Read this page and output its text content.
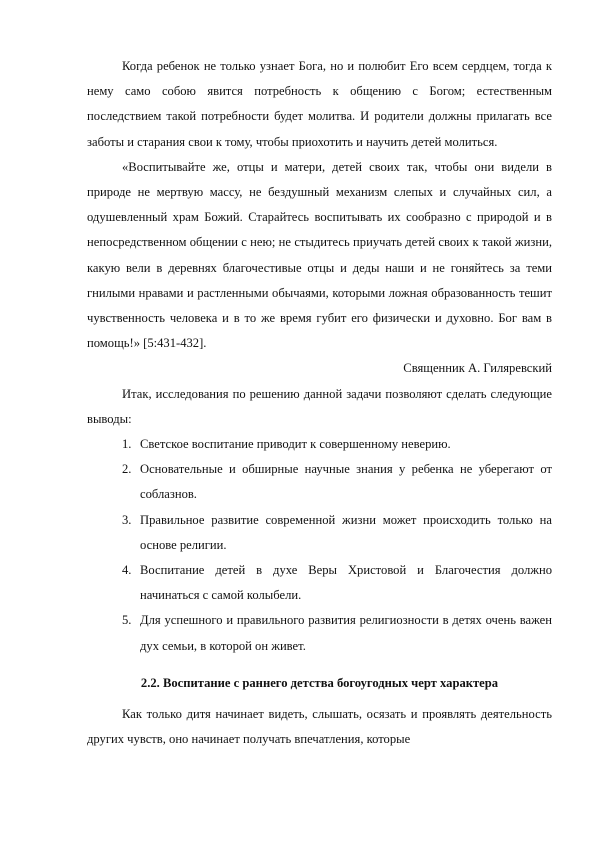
Когда ребенок не только узнает Бога, но и полюбит Его всем сердцем, тогда к нему само собою явится потребность к общению с Богом; естественным последствием такой потребности будет молитва. И родители должны прилагать все заботы и старания свои к тому, чтобы приохотить и научить детей молиться.

«Воспитывайте же, отцы и матери, детей своих так, чтобы они видели в природе не мертвую массу, не бездушный механизм слепых и случайных сил, а одушевленный храм Божий. Старайтесь воспитывать их сообразно с природой и в непосредственном общении с нею; не стыдитесь приучать детей своих к такой жизни, какую вели в деревнях благочестивые отцы и деды наши и не гоняйтесь за теми гнилыми нравами и растленными обычаями, которыми ложная образованность тешит чувственность человека и в то же время губит его физически и духовно. Бог вам в помощь!» [5:431-432].

Священник А. Гиляревский

Итак, исследования по решению данной задачи позволяют сделать следующие выводы:

1. Светское воспитание приводит к совершенному неверию.
2. Основательные и обширные научные знания у ребенка не уберегают от соблазнов.
3. Правильное развитие современной жизни может происходить только на основе религии.
4. Воспитание детей в духе Веры Христовой и Благочестия должно начинаться с самой колыбели.
5. Для успешного и правильного развития религиозности в детях очень важен дух семьи, в которой он живет.

2.2. Воспитание с раннего детства богоугодных черт характера

Как только дитя начинает видеть, слышать, осязать и проявлять деятельность других чувств, оно начинает получать впечатления, которые
